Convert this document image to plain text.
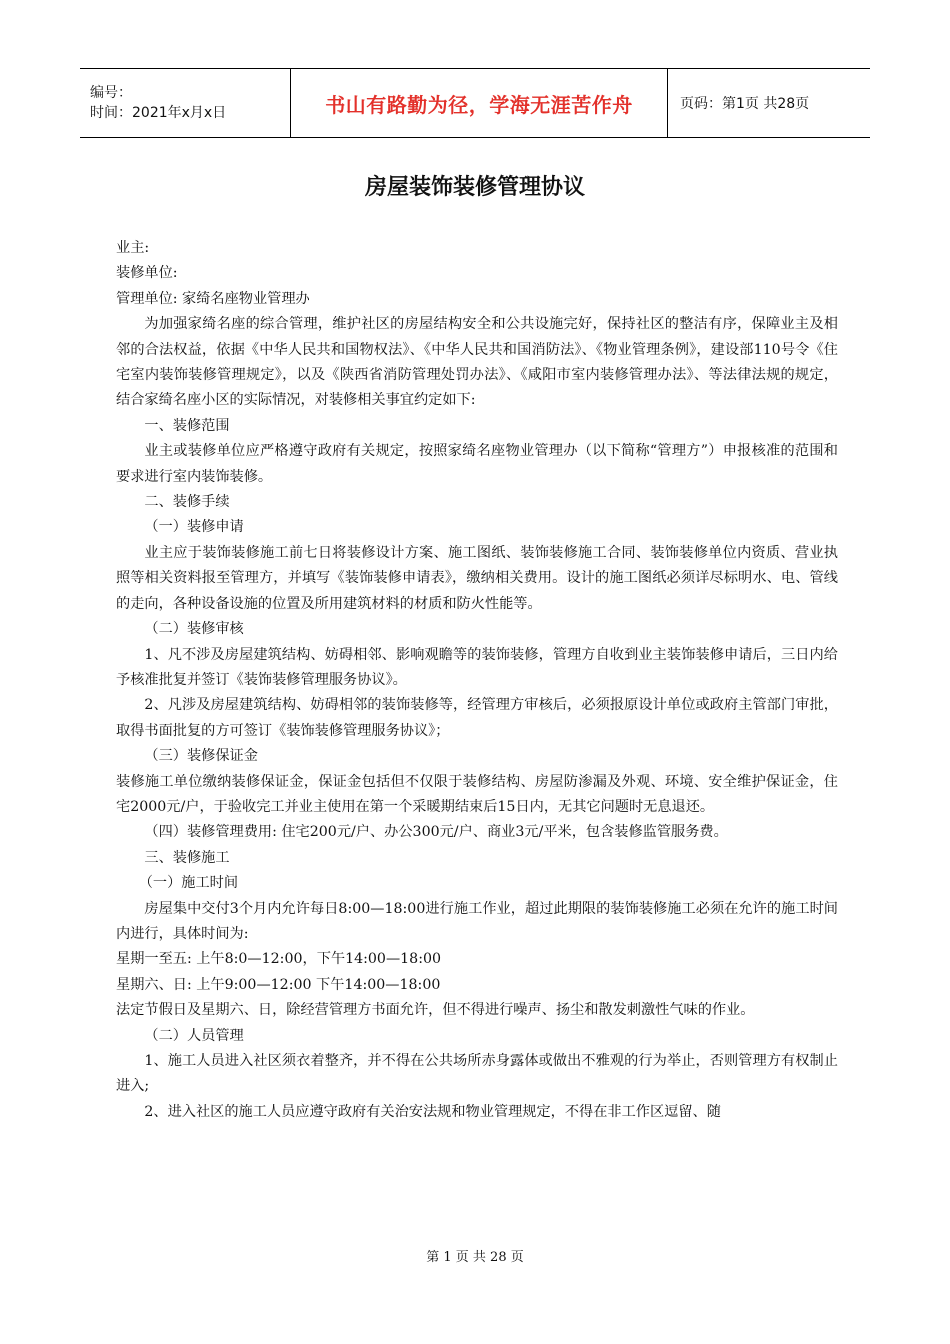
编号：
时间：2021年x月x日	书山有路勤为径，学海无涯苦作舟	页码：第1页 共28页
房屋装饰装修管理协议

业主:

装修单位:

管理单位: 家绮名座物业管理办

为加强家绮名座的综合管理，维护社区的房屋结构安全和公共设施完好，保持社区的整洁有序，保障业主及相邻的合法权益，依据《中华人民共和国物权法》、《中华人民共和国消防法》、《物业管理条例》，建设部110号令《住宅室内装饰装修管理规定》，以及《陕西省消防管理处罚办法》、《咸阳市室内装修管理办法》、等法律法规的规定，结合家绮名座小区的实际情况，对装修相关事宜约定如下:

一、装修范围

业主或装修单位应严格遵守政府有关规定，按照家绮名座物业管理办（以下简称“管理方”）申报核准的范围和要求进行室内装饰装修。

二、装修手续

（一）装修申请

业主应于装饰装修施工前七日将装修设计方案、施工图纸、装饰装修施工合同、装饰装修单位内资质、营业执照等相关资料报至管理方，并填写《装饰装修申请表》，缴纳相关费用。设计的施工图纸必须详尽标明水、电、管线的走向，各种设备设施的位置及所用建筑材料的材质和防火性能等。

（二）装修审核

1、凡不涉及房屋建筑结构、妨碍相邻、影响观瞻等的装饰装修，管理方自收到业主装饰装修申请后，三日内给予核准批复并签订《装饰装修管理服务协议》。

2、凡涉及房屋建筑结构、妨碍相邻的装饰装修等，经管理方审核后，必须报原设计单位或政府主管部门审批，取得书面批复的方可签订《装饰装修管理服务协议》；

（三）装修保证金

装修施工单位缴纳装修保证金，保证金包括但不仅限于装修结构、房屋防渗漏及外观、环境、安全维护保证金，住宅2000元/户，于验收完工并业主使用在第一个采暖期结束后15日内，无其它问题时无息退还。

（四）装修管理费用: 住宅200元/户、办公300元/户、商业3元/平米，包含装修监管服务费。

三、装修施工

（一）施工时间

房屋集中交付3个月内允许每日8:00—18:00进行施工作业，超过此期限的装饰装修施工必须在允许的施工时间内进行，具体时间为:

星期一至五: 上午8:0—12:00，下午14:00—18:00

星期六、日: 上午9:00—12:00 下午14:00—18:00

法定节假日及星期六、日，除经营管理方书面允许，但不得进行噪声、扬尘和散发刺激性气味的作业。

（二）人员管理

1、施工人员进入社区须衣着整齐，并不得在公共场所赤身露体或做出不雅观的行为举止，否则管理方有权制止进入;

2、进入社区的施工人员应遵守政府有关治安法规和物业管理规定，不得在非工作区逗留、随

第 1 页 共 28 页
